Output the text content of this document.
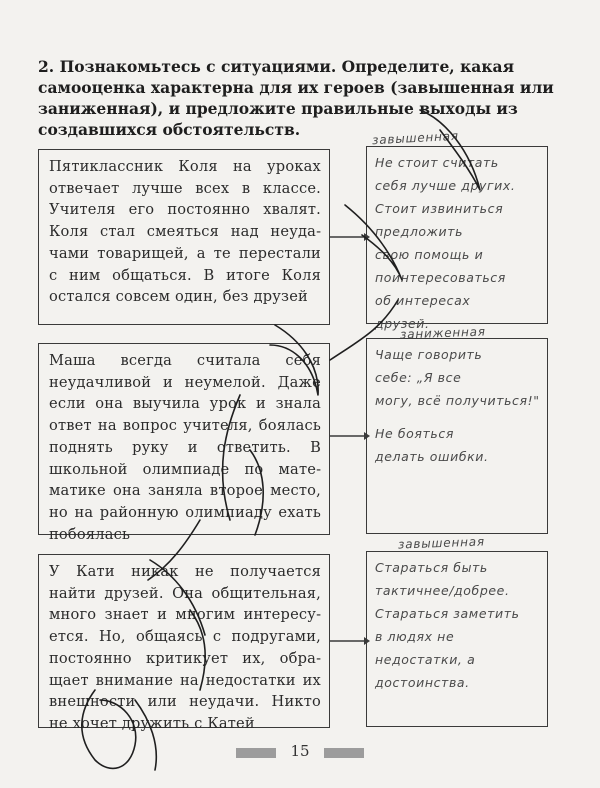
2. Познакомьтесь с ситуациями. Определите, какая самооценка характерна для их героев (завышенная или заниженная), и предложите правильные выходы из создавшихся обстоятельств.
Пятиклассник Коля на уроках отвечает лучше всех в классе. Учителя его постоянно хвалят. Коля стал смеяться над неудачами товарищей, а те перестали с ним общаться. В итоге Коля остался совсем один, без друзей
завышенная
Не стоит считать
себя лучше других.
Стоит извиниться
предложить
свою помощь и
поинтересоваться
об интересах
друзей.
Маша всегда считала себя неудачливой и неумелой. Даже если она выучила урок и знала ответ на вопрос учителя, боялась поднять руку и ответить. В школьной олимпиаде по математике она заняла второе место, но на районную олимпиаду ехать побоялась
заниженная
Чаще говорить
себе: „Я все
могу, всё получиться!"
Не бояться
делать ошибки.
У Кати никак не получается найти друзей. Она общительная, много знает и многим интересуется. Но, общаясь с подругами, постоянно критикует их, обращает внимание на недостатки их внешности или неудачи. Никто не хочет дружить с Катей
завышенная
Стараться быть
тактичнее/добрее.
Стараться заметить
в людях не
недостатки, а
достоинства.
15
